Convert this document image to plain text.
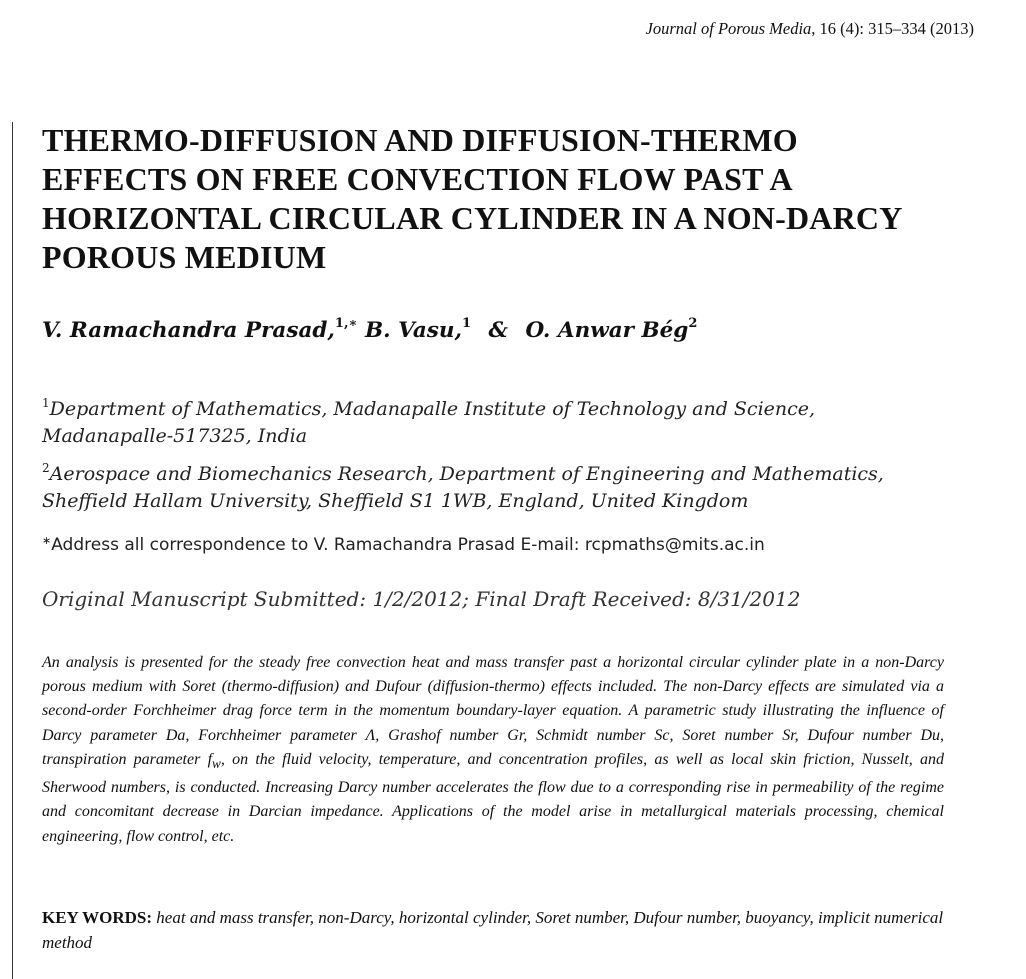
Journal of Porous Media, 16 (4): 315–334 (2013)
THERMO-DIFFUSION AND DIFFUSION-THERMO EFFECTS ON FREE CONVECTION FLOW PAST A HORIZONTAL CIRCULAR CYLINDER IN A NON-DARCY POROUS MEDIUM
V. Ramachandra Prasad,$^{1,∗}$ B. Vasu,$^1$ & O. Anwar Bég$^2$
$^1$Department of Mathematics, Madanapalle Institute of Technology and Science, Madanapalle-517325, India
$^2$Aerospace and Biomechanics Research, Department of Engineering and Mathematics, Sheffield Hallam University, Sheffield S1 1WB, England, United Kingdom
∗Address all correspondence to V. Ramachandra Prasad E-mail: rcpmaths@mits.ac.in
Original Manuscript Submitted: 1/2/2012; Final Draft Received: 8/31/2012

An analysis is presented for the steady free convection heat and mass transfer past a horizontal circular cylinder plate in a non-Darcy porous medium with Soret (thermo-diffusion) and Dufour (diffusion-thermo) effects included. The non-Darcy effects are simulated via a second-order Forchheimer drag force term in the momentum boundary-layer equation. A parametric study illustrating the influence of Darcy parameter Da, Forchheimer parameter Λ, Grashof number Gr, Schmidt number Sc, Soret number Sr, Dufour number Du, transpiration parameter $f_w$, on the fluid velocity, temperature, and concentration profiles, as well as local skin friction, Nusselt, and Sherwood numbers, is conducted. Increasing Darcy number accelerates the flow due to a corresponding rise in permeability of the regime and concomitant decrease in Darcian impedance. Applications of the model arise in metallurgical materials processing, chemical engineering, flow control, etc.

KEY WORDS: heat and mass transfer, non-Darcy, horizontal cylinder, Soret number, Dufour number, buoyancy, implicit numerical method
